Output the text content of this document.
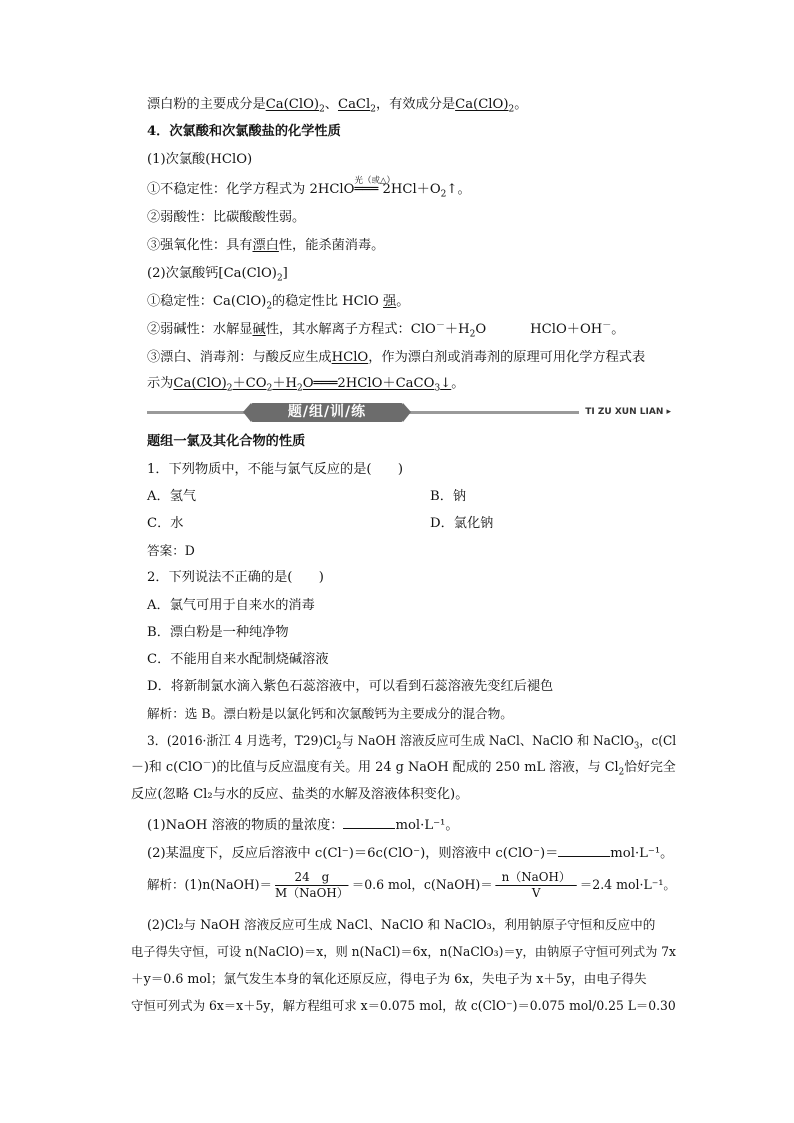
漂白粉的主要成分是$Ca(ClO)_2$、CaCl$_2$，有效成分是$Ca(ClO)_2$。
4．次氯酸和次氯酸盐的化学性质
(1)次氯酸(HClO)
①不稳定性：化学方程式为 2HClO
光（或△）
═══ $2HCl+O_2↑$。
②弱酸性：比碳酸酸性弱。
③强氧化性：具有漂白性，能杀菌消毒。
(2)次氯酸钙$[Ca(ClO)_2]$
①稳定性：$Ca(ClO)_2$的稳定性比 HClO 强。
②弱碱性：水解显碱性，其水解离子方程式：$ClO^-+H_2O$	HClO＋OH－。
③漂白、消毒剂：与酸反应生成HClO，作为漂白剂或消毒剂的原理可用化学方程式表
示为$Ca(ClO)_2+CO_2+H_2O═══2HClO+CaCO_3↓$。
题/组/训/练	TI ZU XUN LIAN ▸
题组一氯及其化合物的性质
1．下列物质中，不能与氯气反应的是(　　)
A．氢气	B．钠
C．水	D．氯化钠
答案：D
2．下列说法不正确的是(　　)
A．氯气可用于自来水的消毒
B．漂白粉是一种纯净物
C．不能用自来水配制烧碱溶液
D．将新制氯水滴入紫色石蕊溶液中，可以看到石蕊溶液先变红后褪色
解析：选 B。漂白粉是以氯化钙和次氯酸钙为主要成分的混合物。
3．(2016·浙江 4 月选考，$T29)Cl_2$与 NaOH 溶液反应可生成 NaCl、NaClO 和 NaClO$_3$，c(Cl
－)和 c(ClO－)的比值与反应温度有关。用 24 g NaOH 配成的 250 mL 溶液，与 $Cl_2$恰好完全
反应(忽略 Cl₂与水的反应、盐类的水解及溶液体积变化)。
(1)NaOH 溶液的物质的量浓度：	mol·L⁻¹。
(2)某温度下，反应后溶液中 c(Cl⁻)＝6c(ClO⁻)，则溶液中 c(ClO⁻)＝	mol·L⁻¹。
解析：(1)n(NaOH)＝ $\frac{24 g}{\text{M（NaOH）}} =0.6$ mol，c(NaOH)＝ $\frac{\text{n（NaOH）}}{V} =2.4$ mol·L⁻¹。
(2)Cl₂与 NaOH 溶液反应可生成 NaCl、NaClO 和 NaClO₃，利用钠原子守恒和反应中的
电子得失守恒，可设 n(NaClO)＝x，则 n(NaCl)＝6x，n(NaClO₃)＝y，由钠原子守恒可列式为 7x
＋y＝0.6 mol；氯气发生本身的氧化还原反应，得电子为 6x，失电子为 x＋5y，由电子得失
守恒可列式为 6x＝x＋5y，解方程组可求 x＝0.075 mol，故 c(ClO⁻)＝0.075 mol/0.25 L＝0.30
